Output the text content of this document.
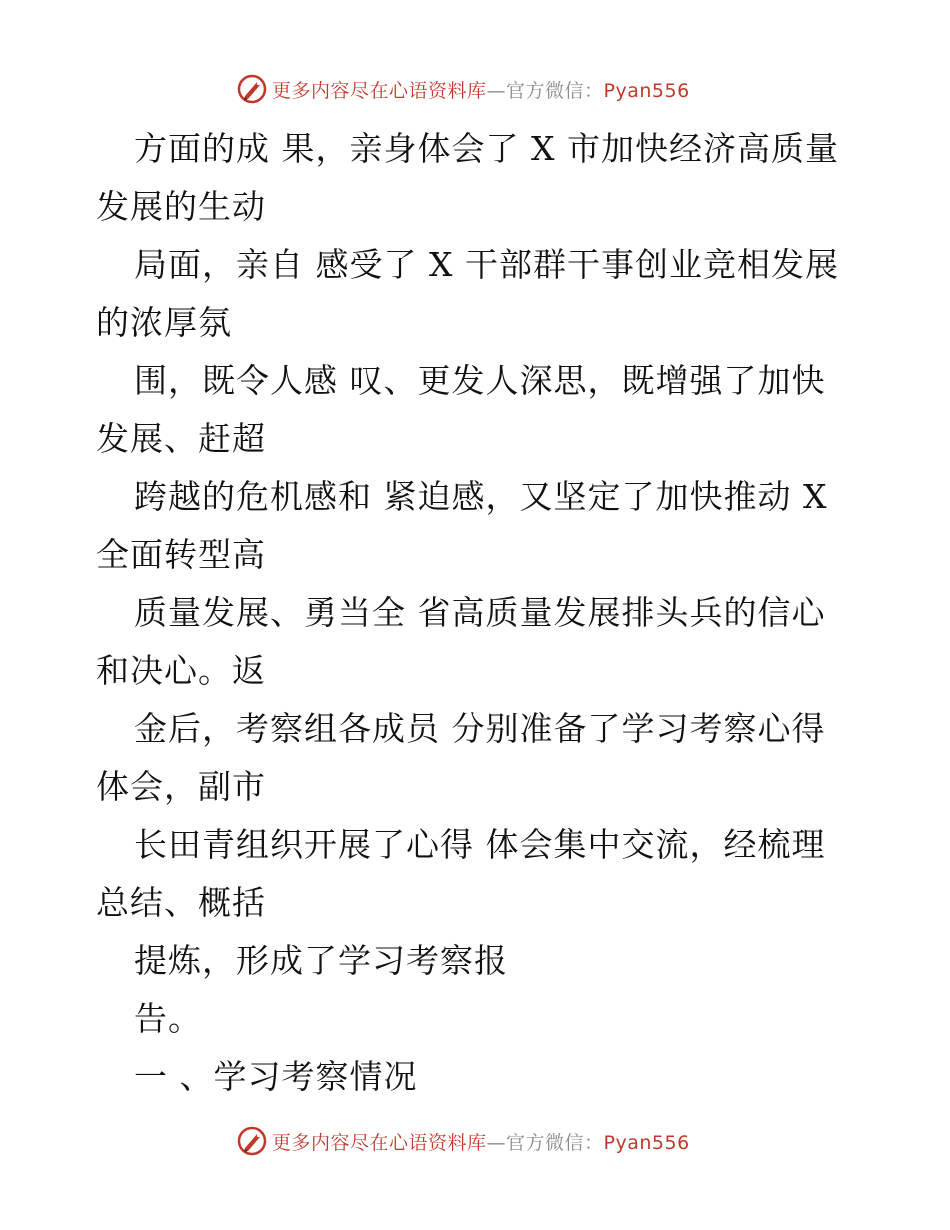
更多内容尽在心语资料库—官方微信：Pyan556
方面的成 果，亲身体会了 X 市加快经济高质量
发展的生动
局面，亲自 感受了 X 干部群干事创业竞相发展
的浓厚氛
围，既令人感 叹、更发人深思，既增强了加快
发展、赶超
跨越的危机感和 紧迫感，又坚定了加快推动 X
全面转型高
质量发展、勇当全 省高质量发展排头兵的信心
和决心。返
金后，考察组各成员 分别准备了学习考察心得
体会，副市
长田青组织开展了心得 体会集中交流，经梳理
总结、概括
提炼，形成了学习考察报
告。
一 、学习考察情况
更多内容尽在心语资料库—官方微信：Pyan556
